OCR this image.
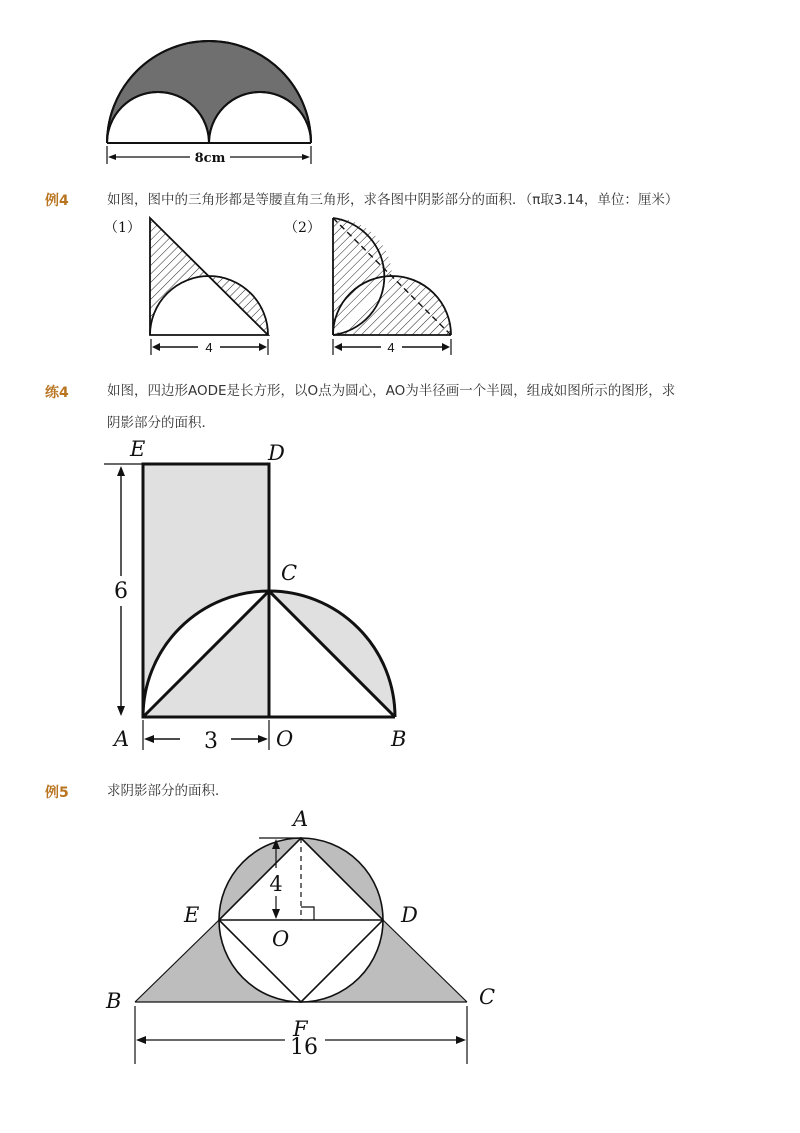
8cm
例4	如图，图中的三角形都是等腰直角三角形，求各图中阴影部分的面积．（π取3.14，单位：厘米）
（1）
4
（2）
4
练4	如图，四边形AODE是长方形，以O点为圆心，AO为半径画一个半圆，组成如图所示的图形，求
阴影部分的面积．
6
3
E	D
C
A	O	B
例5	求阴影部分的面积．
4
16
A
E	D
O
B	C
F
